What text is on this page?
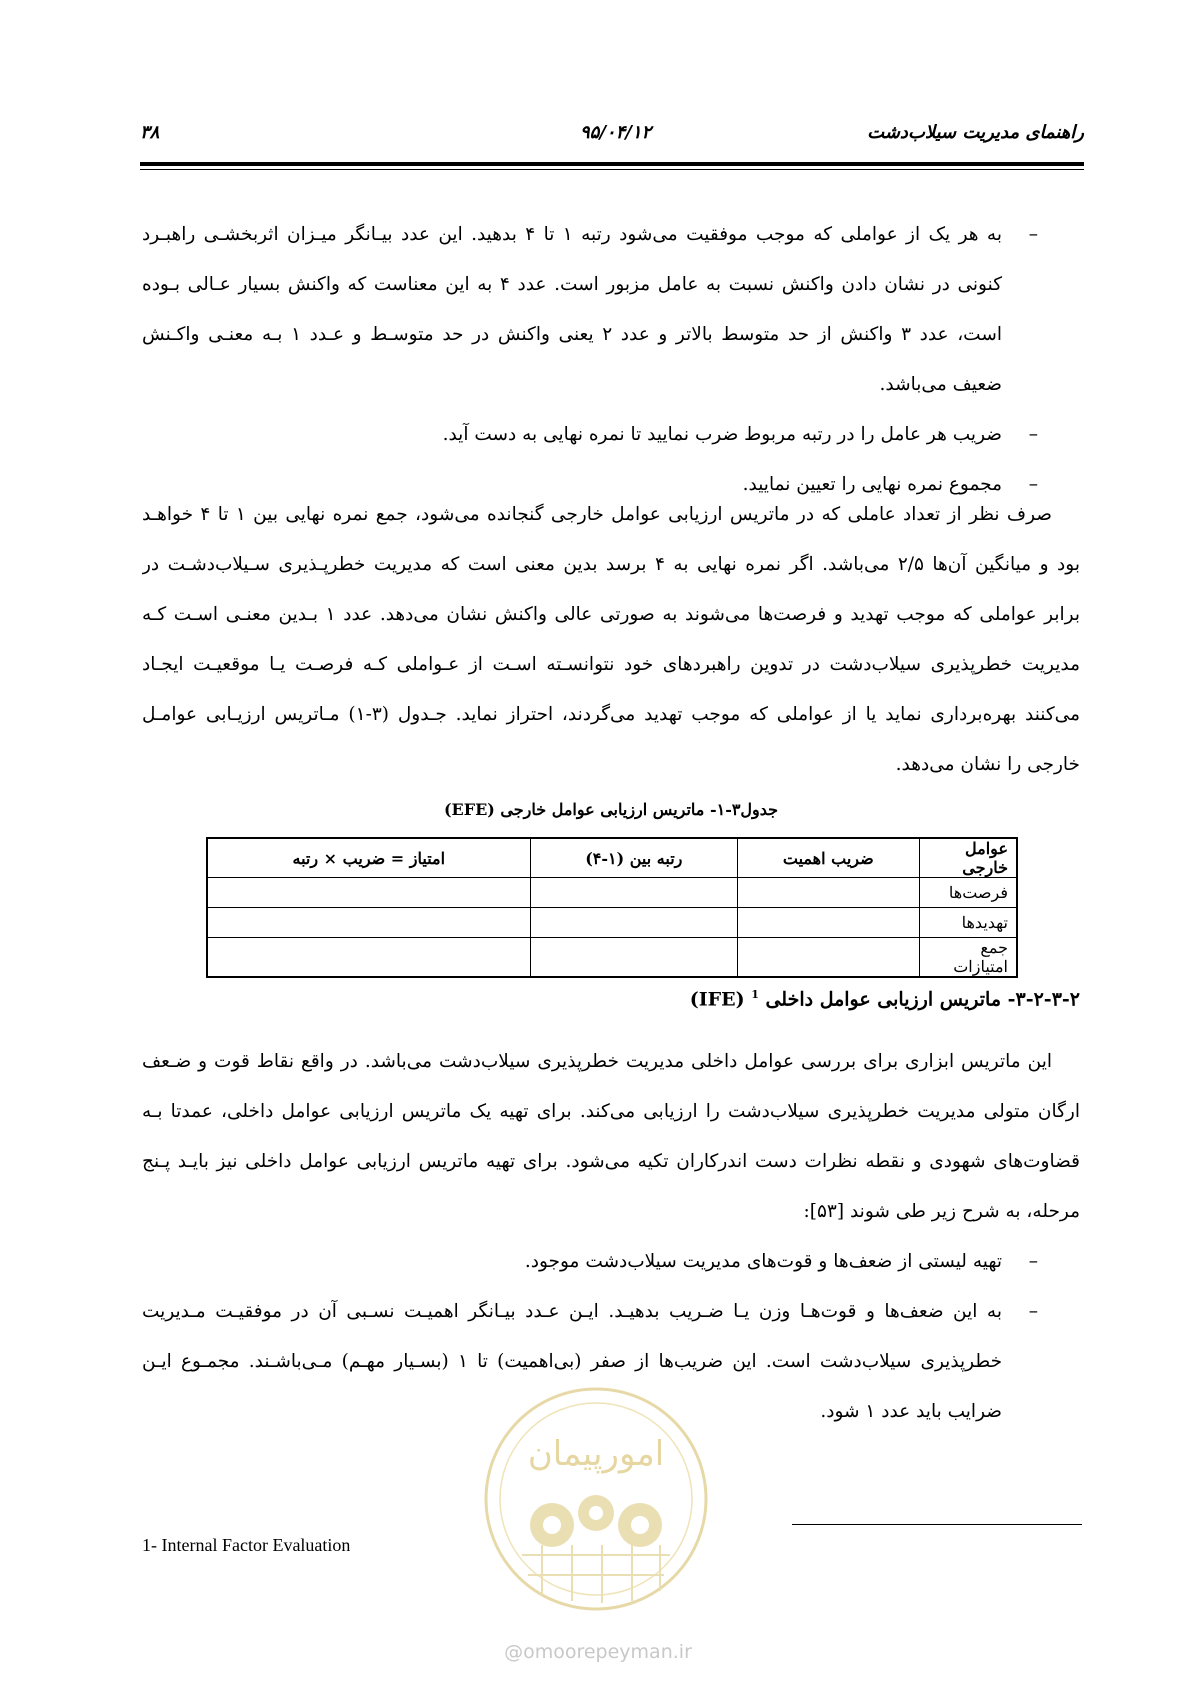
۳۸	۹۵/۰۴/۱۲	راهنمای مدیریت سیلاب‌دشت
–
به هر یک از عواملی که موجب موفقیت می‌شود رتبه ۱ تا ۴ بدهید. این عدد بیـانگر میـزان اثربخشـی راهبـرد
کنونی در نشان دادن واکنش نسبت به عامل مزبور است. عدد ۴ به این معناست که واکنش بسیار عـالی بـوده
است، عدد ۳ واکنش از حد متوسط بالاتر و عدد ۲ یعنی واکنش در حد متوسـط و عـدد ۱ بـه معنـی واکـنش
ضعیف می‌باشد.
–
ضریب هر عامل را در رتبه مربوط ضرب نمایید تا نمره نهایی به دست آید.
–
مجموع نمره نهایی را تعیین نمایید.
صرف نظر از تعداد عاملی که در ماتریس ارزیابی عوامل خارجی گنجانده می‌شود، جمع نمره نهایی بین ۱ تا ۴ خواهـد
بود و میانگین آن‌ها ۲/۵ می‌باشد. اگر نمره نهایی به ۴ برسد بدین معنی است که مدیریت خطرپـذیری سـیلاب‌دشـت در
برابر عواملی که موجب تهدید و فرصت‌ها می‌شوند به صورتی عالی واکنش نشان می‌دهد. عدد ۱ بـدین معنـی اسـت کـه
مدیریت خطرپذیری سیلاب‌دشت در تدوین راهبردهای خود نتوانسـته اسـت از عـواملی کـه فرصـت یـا موقعیـت ایجـاد
می‌کنند بهره‌برداری نماید یا از عواملی که موجب تهدید می‌گردند، احتراز نماید. جـدول (۳-۱) مـاتریس ارزیـابی عوامـل
خارجی را نشان می‌دهد.
جدول۳-۱- ماتریس ارزیابی عوامل خارجی (EFE)
عوامل خارجی	ضریب اهمیت	رتبه بین (۱-۴)	امتیاز = ضریب × رتبه
فرصت‌ها			
تهدیدها			
جمع امتیازات			
۳-۲-۳-۲- ماتریس ارزیابی عوامل داخلی $^1$ (IFE)
این ماتریس ابزاری برای بررسی عوامل داخلی مدیریت خطرپذیری سیلاب‌دشت می‌باشد. در واقع نقاط قوت و ضـعف
ارگان متولی مدیریت خطرپذیری سیلاب‌دشت را ارزیابی می‌کند. برای تهیه یک ماتریس ارزیابی عوامل داخلی، عمدتا بـه
قضاوت‌های شهودی و نقطه نظرات دست اندرکاران تکیه می‌شود. برای تهیه ماتریس ارزیابی عوامل داخلی نیز بایـد پـنج
مرحله، به شرح زیر طی شوند [۵۳]:
–
تهیه لیستی از ضعف‌ها و قوت‌های مدیریت سیلاب‌دشت موجود.
–
به این ضعف‌ها و قوت‌هـا وزن یـا ضـریب بدهیـد. ایـن عـدد بیـانگر اهمیـت نسـبی آن در موفقیـت مـدیریت
خطرپذیری سیلاب‌دشت است. این ضریب‌ها از صفر (بی‌اهمیت) تا ۱ (بسـیار مهـم) مـی‌باشـند. مجمـوع ایـن
ضرایب باید عدد ۱ شود.
امورپیمان
1- Internal Factor Evaluation
@omoorepeyman.ir
